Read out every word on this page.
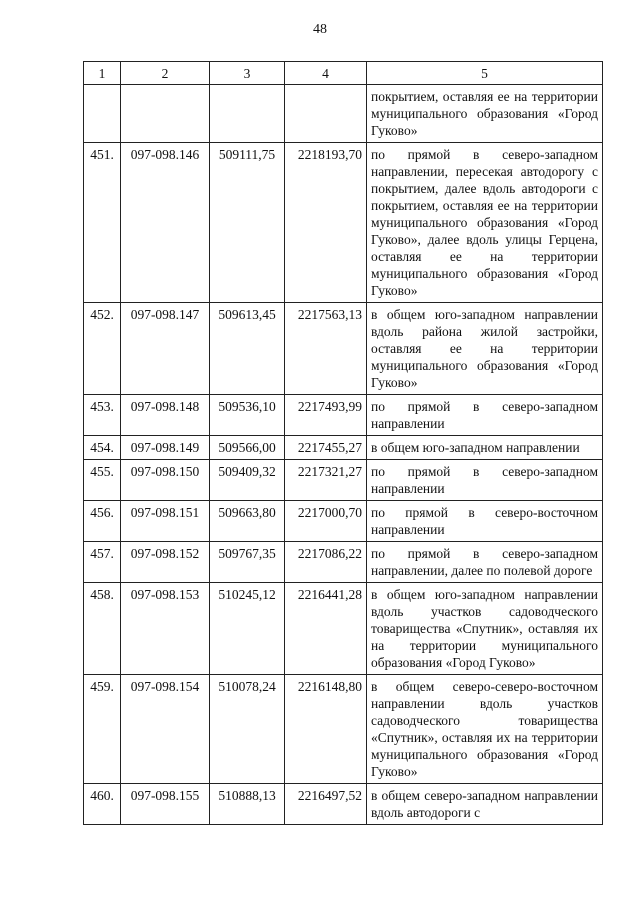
48
1	2	3	4	5
				покрытием, оставляя ее на территории муниципального образования «Город Гуково»
451.	097-098.146	509111,75	2218193,70	по прямой в северо-западном направлении, пересекая автодорогу с покрытием, далее вдоль автодороги с покрытием, оставляя ее на территории муниципального образования «Город Гуково», далее вдоль улицы Герцена, оставляя ее на территории муниципального образования «Город Гуково»
452.	097-098.147	509613,45	2217563,13	в общем юго-западном направлении вдоль района жилой застройки, оставляя ее на территории муниципального образования «Город Гуково»
453.	097-098.148	509536,10	2217493,99	по прямой в северо-западном направлении
454.	097-098.149	509566,00	2217455,27	в общем юго-западном направлении
455.	097-098.150	509409,32	2217321,27	по прямой в северо-западном направлении
456.	097-098.151	509663,80	2217000,70	по прямой в северо-восточном направлении
457.	097-098.152	509767,35	2217086,22	по прямой в северо-западном направлении, далее по полевой дороге
458.	097-098.153	510245,12	2216441,28	в общем юго-западном направлении вдоль участков садоводческого товарищества «Спутник», оставляя их на территории муниципального образования «Город Гуково»
459.	097-098.154	510078,24	2216148,80	в общем северо-северо-восточном направлении вдоль участков садоводческого товарищества «Спутник», оставляя их на территории муниципального образования «Город Гуково»
460.	097-098.155	510888,13	2216497,52	в общем северо-западном направлении вдоль автодороги с
